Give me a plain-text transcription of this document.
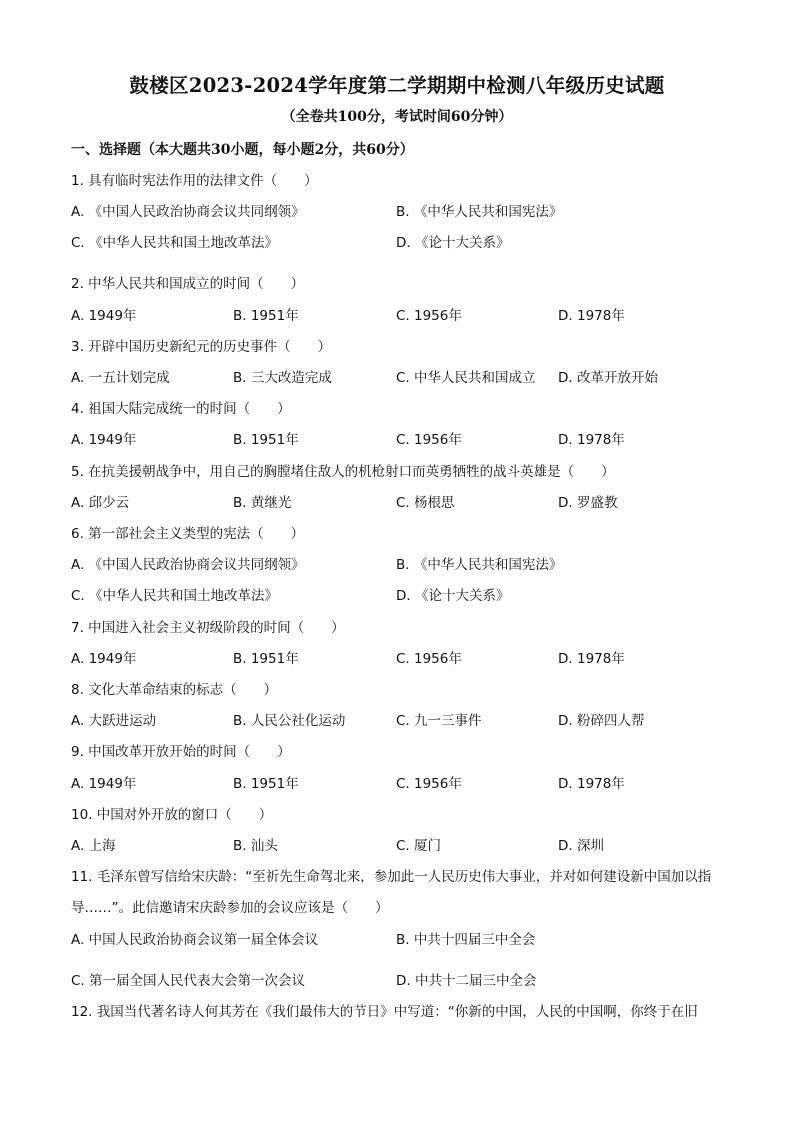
鼓楼区2023-2024学年度第二学期期中检测八年级历史试题
（全卷共100分，考试时间60分钟）
一、选择题（本大题共30小题，每小题2分，共60分）
1. 具有临时宪法作用的法律文件（　　）
A. 《中国人民政治协商会议共同纲领》	B. 《中华人民共和国宪法》
C. 《中华人民共和国土地改革法》	D. 《论十大关系》
2. 中华人民共和国成立的时间（　　）
A. 1949年	B. 1951年	C. 1956年	D. 1978年
3. 开辟中国历史新纪元的历史事件（　　）
A. 一五计划完成	B. 三大改造完成	C. 中华人民共和国成立 D. 改革开放开始
4. 祖国大陆完成统一的时间（　　）
A. 1949年	B. 1951年	C. 1956年	D. 1978年
5. 在抗美援朝战争中，用自己的胸膛堵住敌人的机枪射口而英勇牺牲的战斗英雄是（　　）
A. 邱少云	B. 黄继光	C. 杨根思	D. 罗盛教
6. 第一部社会主义类型的宪法（　　）
A. 《中国人民政治协商会议共同纲领》	B. 《中华人民共和国宪法》
C. 《中华人民共和国土地改革法》	D. 《论十大关系》
7. 中国进入社会主义初级阶段的时间（　　）
A. 1949年	B. 1951年	C. 1956年	D. 1978年
8. 文化大革命结束的标志（　　）
A. 大跃进运动	B. 人民公社化运动	C. 九一三事件	D. 粉碎四人帮
9. 中国改革开放开始的时间（　　）
A. 1949年	B. 1951年	C. 1956年	D. 1978年
10. 中国对外开放的窗口（　　）
A. 上海	B. 汕头	C. 厦门	D. 深圳
11. 毛泽东曾写信给宋庆龄：“至祈先生命驾北来，参加此一人民历史伟大事业，并对如何建设新中国加以指导……”。此信邀请宋庆龄参加的会议应该是（　　）
A. 中国人民政治协商会议第一届全体会议	B. 中共十四届三中全会
C. 第一届全国人民代表大会第一次会议	D. 中共十二届三中全会
12. 我国当代著名诗人何其芳在《我们最伟大的节日》中写道：“你新的中国，人民的中国啊，你终于在旧
